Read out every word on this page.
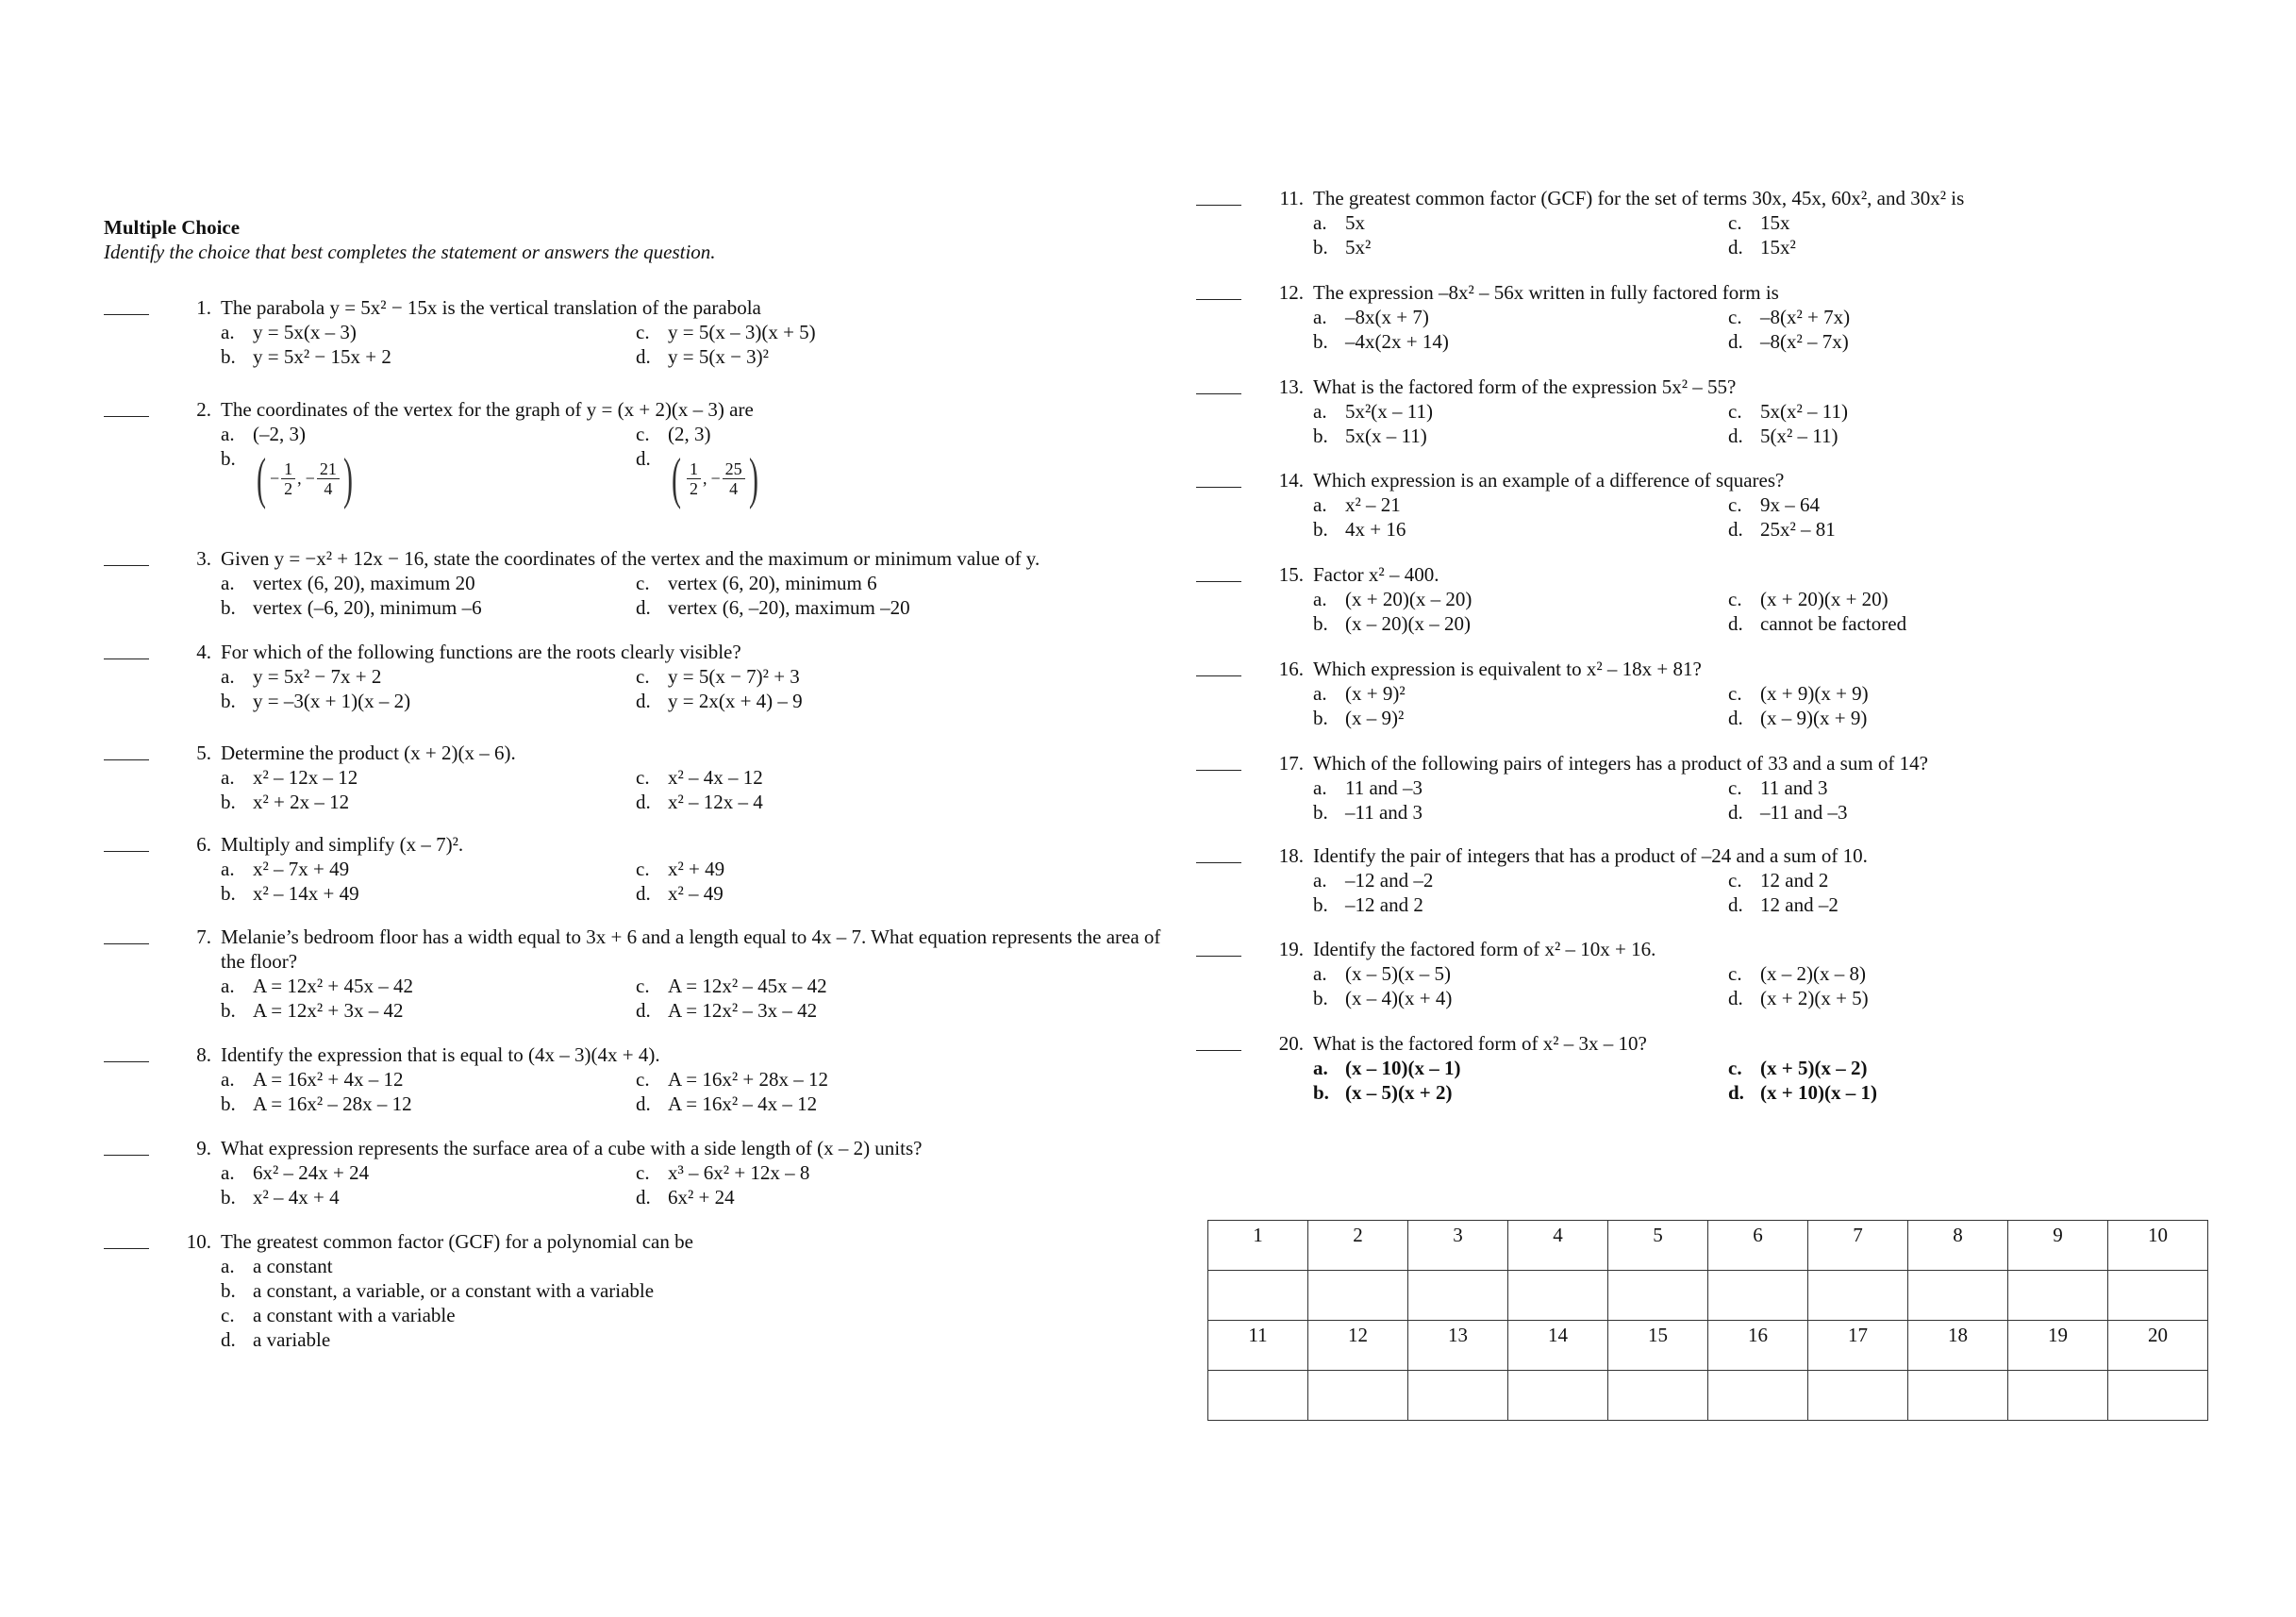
Multiple Choice
Identify the choice that best completes the statement or answers the question.
1. The parabola y = 5x² − 15x is the vertical translation of the parabola
a. y = 5x(x – 3)	c. y = 5(x – 3)(x + 5)
b. y = 5x² − 15x + 2	d. y = 5(x − 3)²
2. The coordinates of the vertex for the graph of y = (x + 2)(x – 3) are
a. (–2, 3)	c. (2, 3)
b. ( − $\frac{1}{2}$ , − $\frac{21}{4}$ )	d. ( 1
2
, − $\frac{25}{4}$ )
3. Given y = −x² + 12x − 16, state the coordinates of the vertex and the maximum or minimum value of y.
a. vertex (6, 20), maximum 20	c. vertex (6, 20), minimum 6
b. vertex (–6, 20), minimum –6	d. vertex (6, –20), maximum –20
4. For which of the following functions are the roots clearly visible?
a. y = 5x² − 7x + 2	c. y = 5(x − 7)² + 3
b. y = –3(x + 1)(x – 2)	d. y = 2x(x + 4) – 9
5. Determine the product (x + 2)(x – 6).
a. x² – 12x – 12	c. x² – 4x – 12
b. x² + 2x – 12	d. x² – 12x – 4
6. Multiply and simplify (x – 7)².
a. x² – 7x + 49	c. x² + 49
b. x² – 14x + 49	d. x² – 49
7. Melanie’s bedroom floor has a width equal to 3x + 6 and a length equal to 4x – 7. What equation represents the area of the floor?
a. A = 12x² + 45x – 42	c. A = 12x² – 45x – 42
b. A = 12x² + 3x – 42	d. A = 12x² – 3x – 42
8. Identify the expression that is equal to (4x – 3)(4x + 4).
a. A = 16x² + 4x – 12	c. A = 16x² + 28x – 12
b. A = 16x² – 28x – 12	d. A = 16x² – 4x – 12
9. What expression represents the surface area of a cube with a side length of (x – 2) units?
a. 6x² – 24x + 24	c. x³ – 6x² + 12x – 8
b. x² – 4x + 4	d. 6x² + 24
10. The greatest common factor (GCF) for a polynomial can be
a. a constant
b. a constant, a variable, or a constant with a variable
c. a constant with a variable
d. a variable
11. The greatest common factor (GCF) for the set of terms 30x, 45x, 60x², and 30x² is
a. 5x	c. 15x
b. 5x²	d. 15x²
12. The expression –8x² – 56x written in fully factored form is
a. –8x(x + 7)	c. –8(x² + 7x)
b. –4x(2x + 14)	d. –8(x² – 7x)
13. What is the factored form of the expression 5x² – 55?
a. 5x²(x – 11)	c. 5x(x² – 11)
b. 5x(x – 11)	d. 5(x² – 11)
14. Which expression is an example of a difference of squares?
a. x² – 21	c. 9x – 64
b. 4x + 16	d. 25x² – 81
15. Factor x² – 400.
a. (x + 20)(x – 20)	c. (x + 20)(x + 20)
b. (x – 20)(x – 20)	d. cannot be factored
16. Which expression is equivalent to x² – 18x + 81?
a. (x + 9)²	c. (x + 9)(x + 9)
b. (x – 9)²	d. (x – 9)(x + 9)
17. Which of the following pairs of integers has a product of 33 and a sum of 14?
a. 11 and –3	c. 11 and 3
b. –11 and 3	d. –11 and –3
18. Identify the pair of integers that has a product of –24 and a sum of 10.
a. –12 and –2	c. 12 and 2
b. –12 and 2	d. 12 and –2
19. Identify the factored form of x² – 10x + 16.
a. (x – 5)(x – 5)	c. (x – 2)(x – 8)
b. (x – 4)(x + 4)	d. (x + 2)(x + 5)
20. What is the factored form of x² – 3x – 10?
a. (x – 10)(x – 1)	c. (x + 5)(x – 2)
b. (x – 5)(x + 2)	d. (x + 10)(x – 1)
1	2	3	4	5	6	7	8	9	10

11	12	13	14	15	16	17	18	19	20
